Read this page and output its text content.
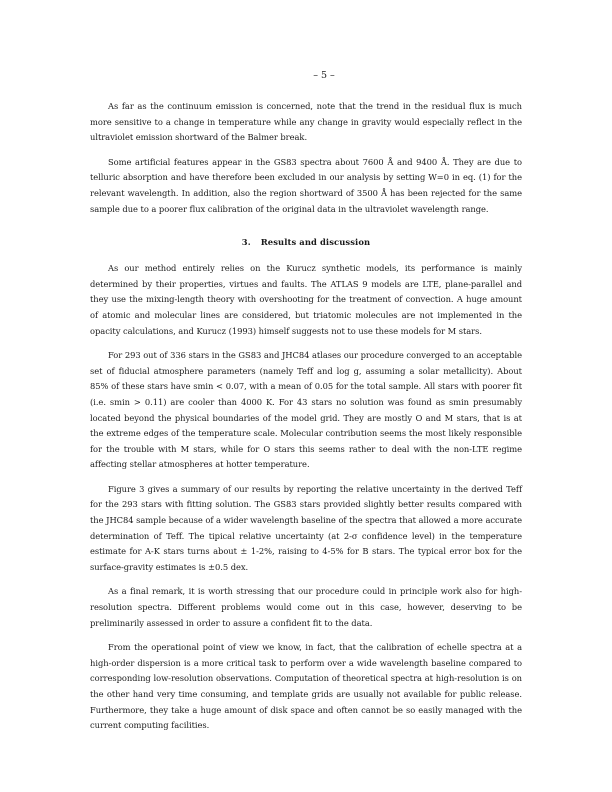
– 5 –

As far as the continuum emission is concerned, note that the trend in the residual flux is much more sensitive to a change in temperature while any change in gravity would especially reflect in the ultraviolet emission shortward of the Balmer break.

Some artificial features appear in the GS83 spectra about 7600 Å and 9400 Å. They are due to telluric absorption and have therefore been excluded in our analysis by setting W=0 in eq. (1) for the relevant wavelength. In addition, also the region shortward of 3500 Å has been rejected for the same sample due to a poorer flux calibration of the original data in the ultraviolet wavelength range.

3. Results and discussion

As our method entirely relies on the Kurucz synthetic models, its performance is mainly determined by their properties, virtues and faults. The ATLAS 9 models are LTE, plane-parallel and they use the mixing-length theory with overshooting for the treatment of convection. A huge amount of atomic and molecular lines are considered, but triatomic molecules are not implemented in the opacity calculations, and Kurucz (1993) himself suggests not to use these models for M stars.

For 293 out of 336 stars in the GS83 and JHC84 atlases our procedure converged to an acceptable set of fiducial atmosphere parameters (namely Teff and log g, assuming a solar metallicity). About 85% of these stars have smin < 0.07, with a mean of 0.05 for the total sample. All stars with poorer fit (i.e. smin > 0.11) are cooler than 4000 K. For 43 stars no solution was found as smin presumably located beyond the physical boundaries of the model grid. They are mostly O and M stars, that is at the extreme edges of the temperature scale. Molecular contribution seems the most likely responsible for the trouble with M stars, while for O stars this seems rather to deal with the non-LTE regime affecting stellar atmospheres at hotter temperature.

Figure 3 gives a summary of our results by reporting the relative uncertainty in the derived Teff for the 293 stars with fitting solution. The GS83 stars provided slightly better results compared with the JHC84 sample because of a wider wavelength baseline of the spectra that allowed a more accurate determination of Teff. The tipical relative uncertainty (at 2-σ confidence level) in the temperature estimate for A-K stars turns about ± 1-2%, raising to 4-5% for B stars. The typical error box for the surface-gravity estimates is ±0.5 dex.

As a final remark, it is worth stressing that our procedure could in principle work also for high-resolution spectra. Different problems would come out in this case, however, deserving to be preliminarily assessed in order to assure a confident fit to the data.

From the operational point of view we know, in fact, that the calibration of echelle spectra at a high-order dispersion is a more critical task to perform over a wide wavelength baseline compared to corresponding low-resolution observations. Computation of theoretical spectra at high-resolution is on the other hand very time consuming, and template grids are usually not available for public release. Furthermore, they take a huge amount of disk space and often cannot be so easily managed with the current computing facilities.
